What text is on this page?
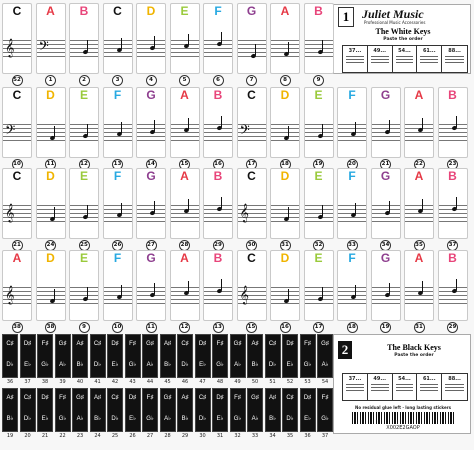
1	Juliet Music
Professional Music Accessories
The White Keys
Paste the order
37...	49...	54...	61...	88...
2	The Black Keys
Paste the order
37...	49...	54...	61...	88...
No residual glue left · long lasting stickers
X002E2GAOP
C
𝄞
52
A
𝄢
1
B
2
C
3
D
4
E
5
F
6
G
7
A
8
B
9
C
𝄢
10
D
11
E
12
F
13
G
14
A
15
B
16
C
𝄢
17
D
18
E
19
F
20
G
21
A
22
B
23
C
𝄞
21
D
24
E
25
F
26
G
27
A
28
B
29
C
𝄞
30
D
31
E
32
F
33
G
34
A
35
B
37
A
𝄞
38
D
38
E
9
F
10
G
11
A
12
B
13
C
𝄞
15
D
16
E
17
F
18
G
19
A
31
B
29
C♯
D♭
36
D♯
E♭
37
F♯
G♭
38
G♯
A♭
39
A♯
B♭
40
C♯
D♭
41
D♯
E♭
42
F♯
G♭
43
G♯
A♭
44
A♯
B♭
45
C♯
D♭
46
D♯
E♭
47
F♯
G♭
48
G♯
A♭
49
A♯
B♭
50
C♯
D♭
51
D♯
E♭
52
F♯
G♭
53
G♯
A♭
54
A♯
B♭
19
C♯
D♭
20
D♯
E♭
21
F♯
G♭
22
G♯
A♭
23
A♯
B♭
24
C♯
D♭
25
D♯
E♭
26
F♯
G♭
27
G♯
A♭
28
A♯
B♭
29
C♯
D♭
30
D♯
E♭
31
F♯
G♭
32
G♯
A♭
33
A♯
B♭
34
C♯
D♭
35
D♯
E♭
36
F♯
G♭
37
